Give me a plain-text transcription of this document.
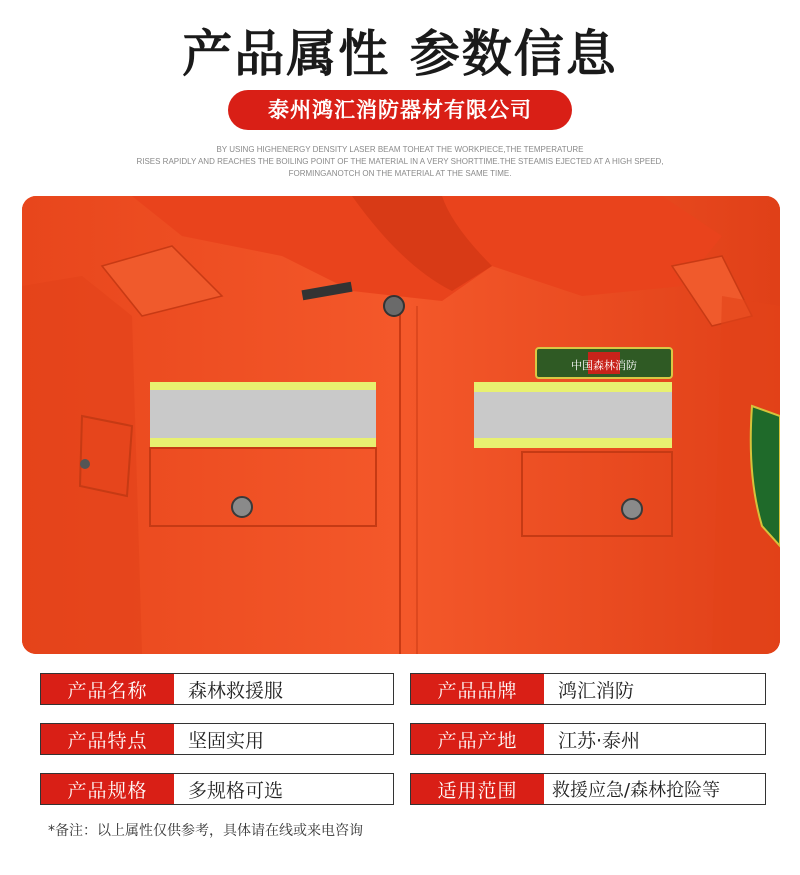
产品属性 参数信息
泰州鸿汇消防器材有限公司
BY USING HIGHENERGY DENSITY LASER BEAM TOHEAT THE WORKPIECE,THE TEMPERATURE
RISES RAPIDLY AND REACHES THE BOILING POINT OF THE MATERIAL IN A VERY SHORTTIME.THE STEAMIS EJECTED AT A HIGH SPEED,
FORMINGANOTCH ON THE MATERIAL AT THE SAME TIME.
中国森林消防
产品名称	森林救援服	产品品牌	鸿汇消防
产品特点	坚固实用	产品产地	江苏·泰州
产品规格	多规格可选	适用范围	救援应急/森林抢险等
*备注：以上属性仅供参考，具体请在线或来电咨询
